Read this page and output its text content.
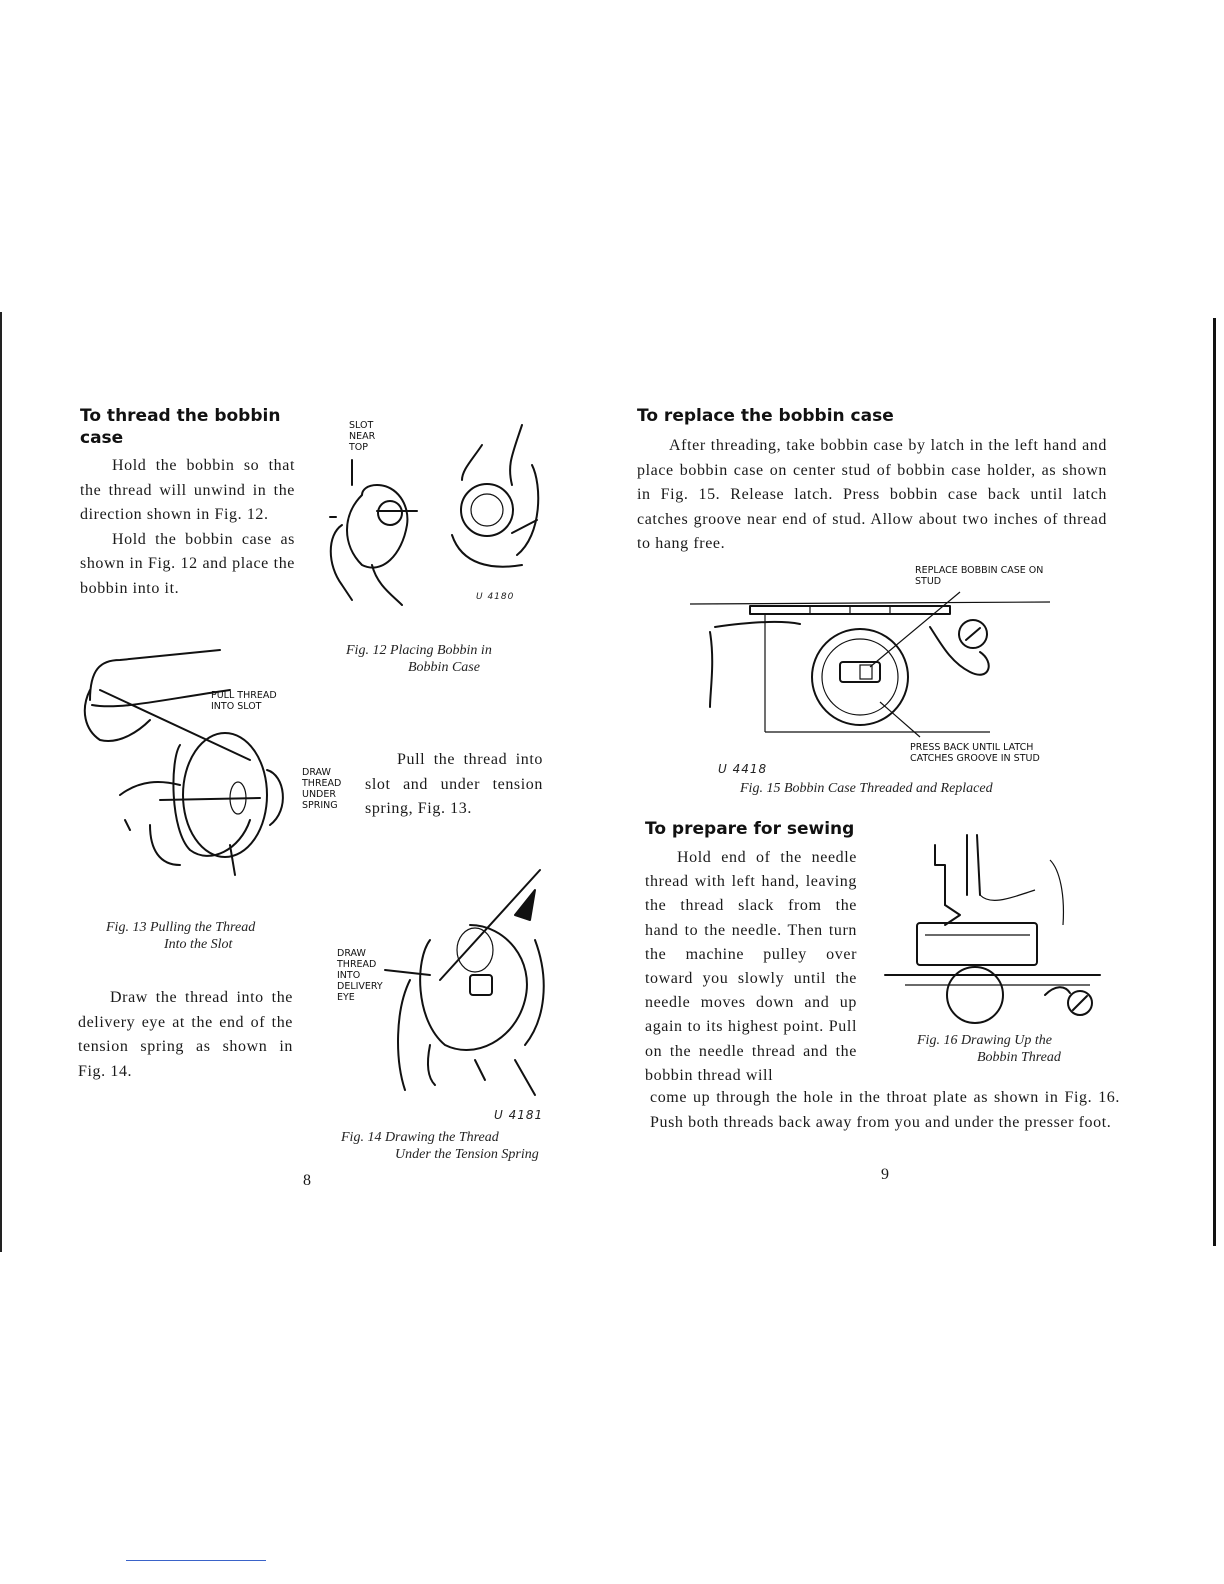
To thread the bobbin case

Hold the bobbin so that the thread will unwind in the direction shown in Fig. 12.

Hold the bobbin case as shown in Fig. 12 and place the bobbin into it.

SLOT NEAR TOP
U 4180
Fig. 12 Placing Bobbin in
Bobbin Case
PULL THREAD INTO SLOT
DRAW THREAD UNDER SPRING
Fig. 13 Pulling the Thread
Into the Slot

Pull the thread into slot and under tension spring, Fig. 13.

Draw the thread into the delivery eye at the end of the tension spring as shown in Fig. 14.

DRAW THREAD INTO DELIVERY EYE
U 4181
Fig. 14 Drawing the Thread
Under the Tension Spring
8
To replace the bobbin case

After threading, take bobbin case by latch in the left hand and place bobbin case on center stud of bobbin case holder, as shown in Fig. 15. Release latch. Press bobbin case back until latch catches groove near end of stud. Allow about two inches of thread to hang free.

REPLACE BOBBIN CASE ON STUD
PRESS BACK UNTIL LATCH CATCHES GROOVE IN STUD
U 4418
Fig. 15 Bobbin Case Threaded and Replaced
To prepare for sewing

Hold end of the needle thread with left hand, leaving the thread slack from the hand to the needle. Then turn the machine pulley over toward you slowly until the needle moves down and up again to its highest point. Pull on the needle thread and the bobbin thread will

come up through the hole in the throat plate as shown in Fig. 16. Push both threads back away from you and under the presser foot.

Fig. 16 Drawing Up the
Bobbin Thread
9
